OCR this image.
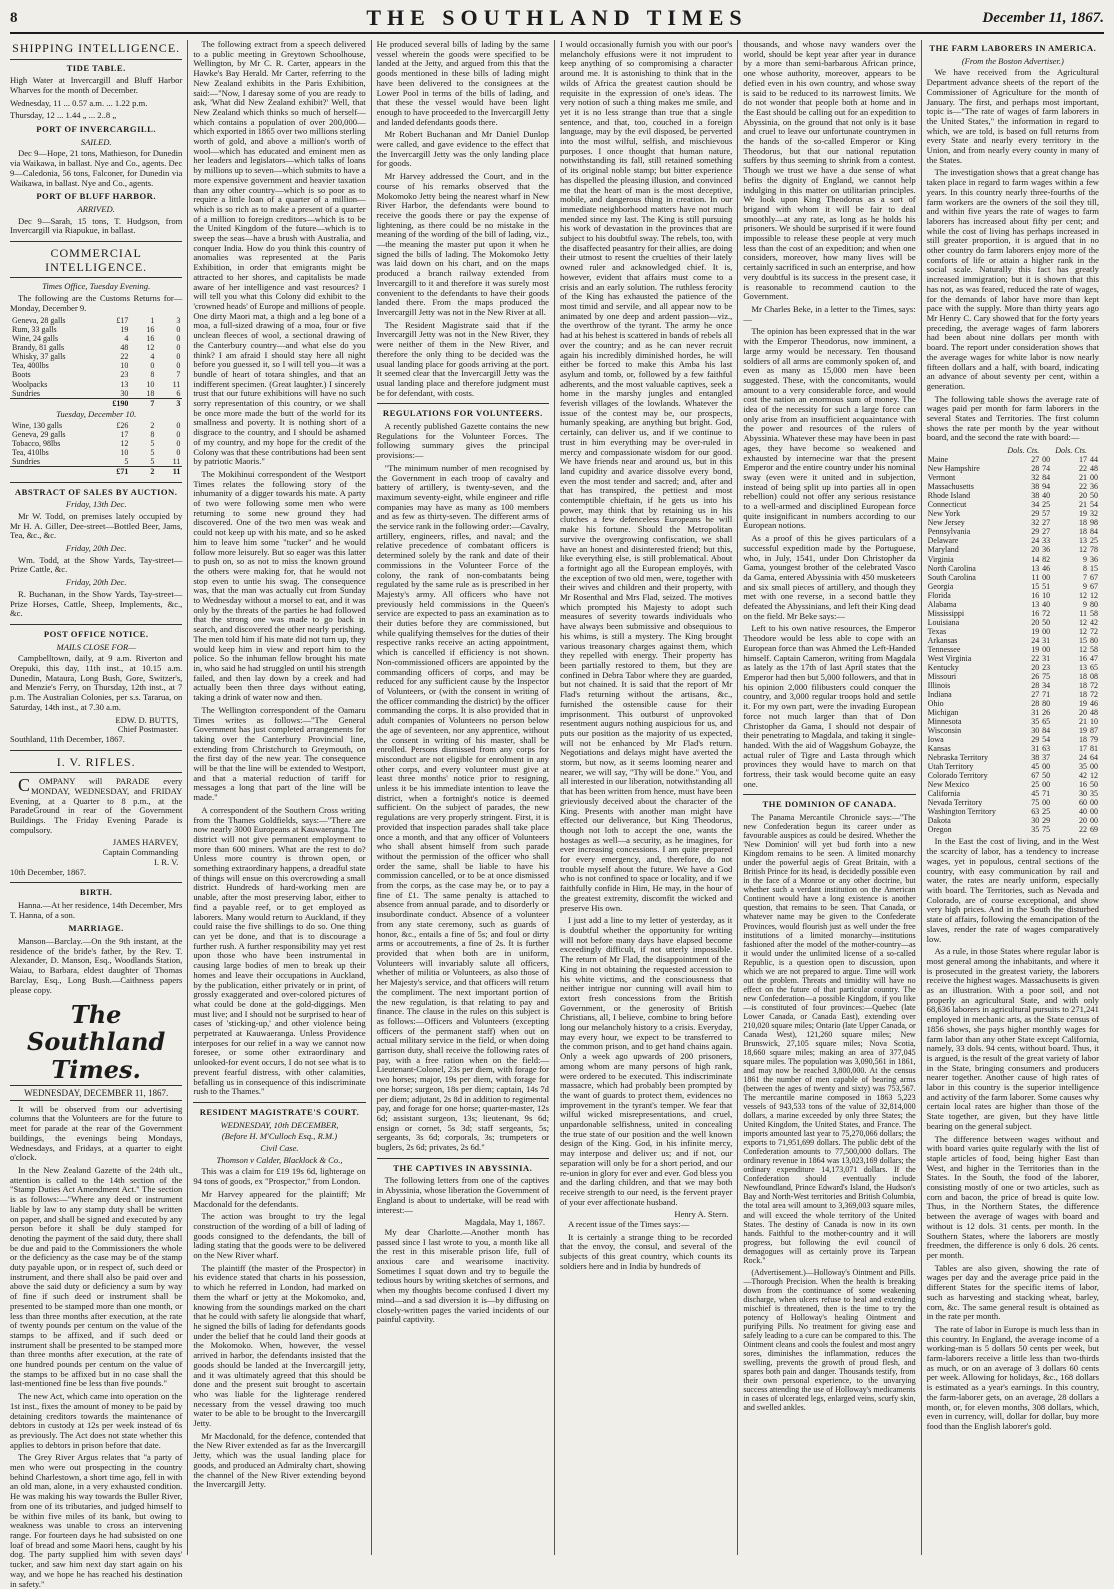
8	THE SOUTHLAND TIMES	December 11, 1867.
SHIPPING INTELLIGENCE.
TIDE TABLE.

High Water at Invercargill and Bluff Harbor Wharves for the month of December.

Wednesday, 11 ... 0.57 a.m. ... 1.22 p.m.

Thursday, 12 ... 1.44 „ ... 2..8 „

PORT OF INVERCARGILL.
SAILED.

Dec 9—Hope, 21 tons, Mathieson, for Dunedin via Waikawa, in ballast. Nye and Co., agents. Dec 9—Caledonia, 56 tons, Falconer, for Dunedin via Waikawa, in ballast. Nye and Co., agents.

PORT OF BLUFF HARBOR.
ARRIVED.

Dec 9—Sarah, 15 tons, T. Hudgson, from Invercargill via Riapukue, in ballast.

COMMERCIAL INTELLIGENCE.
Times Office, Tuesday Evening.

The following are the Customs Returns for—Monday, December 9.

Geneva, 28 galls	£17	1	3
Rum, 33 galls	19	16	0
Wine, 24 galls	4	16	0
Brandy, 81 galls	48	12	0
Whisky, 37 galls	22	4	0
Tea, 400lbs	10	0	0
Boots	23	8	7
Woolpacks	13	10	11
Sundries	30	18	6
	£190	7	3
Tuesday, December 10.
Wine, 130 galls	£26	2	0
Geneva, 29 galls	17	8	0
Tobacco, 98lbs	12	5	0
Tea, 410lbs	10	5	0
Sundries	5	5	11
	£71	2	11
ABSTRACT OF SALES BY AUCTION.
Friday, 13th Dec.

Mr W. Todd, on premises lately occupied by Mr H. A. Giller, Dee-street—Bottled Beer, Jams, Tea, &c., &c.

Friday, 20th Dec.

Wm. Todd, at the Show Yards, Tay-street—Prize Cattle, &c.

Friday, 20th Dec.

R. Buchanan, in the Show Yards, Tay-street—Prize Horses, Cattle, Sheep, Implements, &c., &c.

POST OFFICE NOTICE.
MAILS CLOSE FOR—

Campbelltown, daily, at 9 a.m. Riverton and Orepuki, this day, 11th inst., at 10.15 a.m. Dunedin, Mataura, Long Bush, Gore, Switzer's, and Menzie's Ferry, on Thursday, 12th inst., at 7 p.m. The Australian Colonies, per s.s. Tararua, on Saturday, 14th inst., at 7.30 a.m.

EDW. D. BUTTS,
Chief Postmaster.

Southland, 11th December, 1867.

I. V. RIFLES.

COMPANY will PARADE every MONDAY, WEDNESDAY, and FRIDAY Evening, at a Quarter to 8 p.m., at the ParadeGround in rear of the Government Buildings. The Friday Evening Parade is compulsory.

JAMES HARVEY,
Captain Commanding
I. R. V.

10th December, 1867.

BIRTH.

Hanna.—At her residence, 14th December, Mrs T. Hanna, of a son.

MARRIAGE.

Manson—Barclay.—On the 9th instant, at the residence of the bride's father, by the Rev. T. Alexander, D. Manson, Esq., Woodlands Station, Waiau, to Barbara, eldest daughter of Thomas Barclay, Esq., Long Bush.—Caithness papers please copy.

The Southland Times.
WEDNESDAY, DECEMBER 11, 1867.

It will be observed from our advertising columns that the Volunteers are for the future to meet for parade at the rear of the Government buildings, the evenings being Mondays, Wednesdays, and Fridays, at a quarter to eight o'clock.

In the New Zealand Gazette of the 24th ult., attention is called to the 14th section of the "Stamp Duties Act Amendment Act." The section is as follows:—"Where any deed or instrument liable by law to any stamp duty shall be written on paper, and shall be signed and executed by any person before it shall be duly stamped for denoting the payment of the said duty, there shall be due and paid to the Commissioners the whole or the deficiency as the case may be of the stamp duty payable upon, or in respect of, such deed or instrument, and there shall also be paid over and above the said duty or deficiency a sum by way of fine if such deed or instrument shall be presented to be stamped more than one month, or less than three months after execution, at the rate of twenty pounds per centum on the value of the stamps to be affixed, and if such deed or instrument shall be presented to be stamped more than three months after execution, at the rate of one hundred pounds per centum on the value of the stamps to be affixed but in no case shall the last-mentioned fine be less than five pounds."

The new Act, which came into operation on the 1st inst., fixes the amount of money to be paid by detaining creditors towards the maintenance of debtors in custody at 12s per week instead of 6s as previously. The Act does not state whether this applies to debtors in prison before that date.

The Grey River Argus relates that "a party of men who were out prospecting in the country behind Charlestown, a short time ago, fell in with an old man, alone, in a very exhausted condition. He was making his way towards the Buller River, from one of its tributaries, and judged himself to be within five miles of its bank, but owing to weakness was unable to cross an intervening range. For fourteen days he had subsisted on one loaf of bread and some Maori hens, caught by his dog. The party supplied him with seven days' tucker, and saw him next day start again on his way, and we hope he has reached his destination in safety."

The following extract from a speech delivered to a public meeting in Greytown Schoolhouse, Wellington, by Mr C. R. Carter, appears in the Hawke's Bay Herald. Mr Carter, referring to the New Zealand exhibits in the Paris Exhibition, said:—"Now, I daresay some of you are ready to ask, 'What did New Zealand exhibit?' Well, that New Zealand which thinks so much of herself—which contains a population of over 200,000—which exported in 1865 over two millions sterling worth of gold, and above a million's worth of wool—which has educated and eminent men as her leaders and legislators—which talks of loans by millions up to seven—which submits to have a more expensive government and heavier taxation than any other country—which is so poor as to require a little loan of a quarter of a million—which is so rich as to make a present of a quarter of a million to foreign creditors—which is to be the United Kingdom of the future—which is to sweep the seas—have a brush with Australia, and conquer India. How do you think this country of anomalies was represented at the Paris Exhibition, in order that emigrants might be attracted to her shores, and capitalists be made aware of her intelligence and vast resources? I will tell you what this Colony did exhibit to the 'crowned heads' of Europe and millions of people. One dirty Maori mat, a thigh and a leg bone of a moa, a full-sized drawing of a moa, four or five unclean fleeces of wool, a sectional drawing of the Canterbury country—and what else do you think? I am afraid I should stay here all night before you guessed it, so I will tell you—it was a bundle of heart of totara shingles, and that an indifferent specimen. (Great laughter.) I sincerely trust that our future exhibitions will have no such sorry representation of this country, or we shall be once more made the butt of the world for its smallness and poverty. It is nothing short of a disgrace to the country, and I should be ashamed of my country, and my hope for the credit of the Colony was that these contributions had been sent by patriotic Maoris."

The Mokihinui correspondent of the Westport Times relates the following story of the inhumanity of a digger towards his mate. A party of two were following some men who were returning to some new ground they had discovered. One of the two men was weak and could not keep up with his mate, and so he asked him to leave him some "tucker" and he would follow more leisurely. But so eager was this latter to push on, so as not to miss the known ground the others were making for, that he would not stop even to untie his swag. The consequence was, that the man was actually cut from Sunday to Wednesday without a morsel to eat, and it was only by the threats of the parties he had followed that the strong one was made to go back in search, and discovered the other nearly perishing. The men told him if his mate did not turn up, they would keep him in view and report him to the police. So the inhuman fellow brought his mate in, who said he had struggled on until his strength failed, and then lay down by a creek and had actually been then three days without eating, taking a drink of water now and then.

The Wellington correspondent of the Oamaru Times writes as follows:—"The General Government has just completed arrangements for taking over the Canterbury Provincial line, extending from Christchurch to Greymouth, on the first day of the new year. The consequence will be that the line will be extended to Westport, and that a material reduction of tariff for messages a long that part of the line will be made."

A correspondent of the Southern Cross writing from the Thames Goldfields, says:—"There are now nearly 3000 Europeans at Kauwaeranga. The district will not give permanent employment to more than 600 miners. What are the rest to do? Unless more country is thrown open, or something extraordinary happens, a dreadful state of things will ensue on this overcrowding a small district. Hundreds of hard-working men are unable, after the most preserving labor, either to find a payable reef, or to get employed as laborers. Many would return to Auckland, if they could raise the five shillings to do so. One thing can yet be done, and that is to discourage a further rush. A further responsibility may yet rest upon those who have been instrumental in causing large bodies of men to break up their homes and leave their occupations in Auckland, by the publication, either privately or in print, of grossly exaggerated and over-colored pictures of what could be done at the gold-diggings. Men must live; and I should not be surprised to hear of cases of 'sticking-up,' and other violence being perpetrated at Kauwaeranga. Unless Providence interposes for our relief in a way we cannot now foresee, or some other extraordinary and unlooked-for event occurs, I do not see what is to prevent fearful distress, with other calamities, befalling us in consequence of this indiscriminate rush to the Thames."

RESIDENT MAGISTRATE'S COURT.
WEDNESDAY, 10th DECEMBER,
(Before H. M'Culloch Esq., R.M.)
Civil Case.
Thomson v Calder, Blacklock & Co.,

This was a claim for £19 19s 6d, lighterage on 94 tons of goods, ex "Prospector," from London.

Mr Harvey appeared for the plaintiff; Mr Macdonald for the defendants.

The action was brought to try the legal construction of the wording of a bill of lading of goods consigned to the defendants, the bill of lading stating that the goods were to be delivered on the New River wharf.

The plaintiff (the master of the Prospector) in his evidence stated that charts in his possession, to which he referred in London, had marked on them the wharf or jetty at the Mokomoko, and, knowing from the soundings marked on the chart that he could with safety lie alongside that wharf, he signed the bills of lading for defendants goods under the belief that he could land their goods at the Mokomoko. When, however, the vessel arrived in harbor, the defendants insisted that the goods should be landed at the Invercargill jetty, and it was ultimately agreed that this should be done and the present suit brought to ascertain who was liable for the lighterage rendered necessary from the vessel drawing too much water to be able to be brought to the Invercargill Jetty.

Mr Macdonald, for the defence, contended that the New River extended as far as the Invercargill Jetty, which was the usual landing place for goods, and produced an Admiralty chart, showing the channel of the New River extending beyond the Invercargill Jetty.

He produced several bills of lading by the same vessel wherein the goods were specified to be landed at the Jetty, and argued from this that the goods mentioned in these bills of lading might have been delivered to the consignees at the Lower Pool in terms of the bills of lading, and that these the vessel would have been light enough to have proceeded to the Invercargill Jetty and landed defendants goods there.

Mr Robert Buchanan and Mr Daniel Dunlop were called, and gave evidence to the effect that the Invercargill Jetty was the only landing place for goods.

Mr Harvey addressed the Court, and in the course of his remarks observed that the Mokomoko Jetty being the nearest wharf in New River Harbor, the defendants were bound to receive the goods there or pay the expense of lightening, as there could be no mistake in the meaning of the wording of the bill of lading, viz.,—the meaning the master put upon it when he signed the bills of lading. The Mokomoko Jetty was laid down on his chart, and on the maps produced a branch railway extended from Invercargill to it and therefore it was surely most convenient to the defendants to have their goods landed there. From the maps produced the Invercargill Jetty was not in the New River at all.

The Resident Magistrate said that if the Invercargill Jetty was not in the New River, they were neither of them in the New River, and therefore the only thing to be decided was the usual landing place for goods arriving at the port. It seemed clear that the Invercargill Jetty was the usual landing place and therefore judgment must be for defendant, with costs.

REGULATIONS FOR VOLUNTEERS.

A recently published Gazette contains the new Regulations for the Volunteer Forces. The following summary gives the principal provisions:—

"The minimum number of men recognised by the Government in each troop of cavalry and battery of artillery, is twenty-seven, and the maximum seventy-eight, while engineer and rifle companies may have as many as 100 members and as few as thirty-seven. The different arms of the service rank in the following order:—Cavalry, artillery, engineers, rifles, and naval; and the relative precedence of combatant officers is determined solely by the rank and date of their commissions in the Volunteer Force of the colony, the rank of non-combatants being regulated by the same rule as is prescribed in her Majesty's army. All officers who have not previously held commissions in the Queen's service are expected to pass an examination as to their duties before they are commissioned, but while qualifying themselves for the duties of their respective ranks receive an acting appointment, which is cancelled if efficiency is not shown. Non-commissioned officers are appointed by the commanding officers of corps, and may be reduced for any sufficient cause by the Inspector of Volunteers, or (with the consent in writing of the officer commanding the district) by the officer commanding the corps. It is also provided that in adult companies of Volunteers no person below the age of seventeen, nor any apprentice, without the consent in writing of his master, shall be enrolled. Persons dismissed from any corps for misconduct are not eligible for enrolment in any other corps, and every volunteer must give at least three months' notice prior to resigning, unless it be his immediate intention to leave the district, when a fortnight's notice is deemed sufficient. On the subject of parades, the new regulations are very properly stringent. First, it is provided that inspection parades shall take place once a month, and that any officer of Volunteers who shall absent himself from such parade without the permission of the officer who shall order the same, shall be liable to have his commission cancelled, or to be at once dismissed from the corps, as the case may be, or to pay a fine of £1. The same penalty is attached to absence from annual parade, and to disorderly or insubordinate conduct. Absence of a volunteer from any state ceremony, such as guards of honor, &c., entails a fine of 5s; and foul or dirty arms or accoutrements, a fine of 2s. It is further provided that when both are in uniform, Volunteers will invariably salute all officers, whether of militia or Volunteers, as also those of her Majesty's service, and that officers will return the compliment. The next important portion of the new regulation, is that relating to pay and finance. The clause in the rules on this subject is as follows:—Officers and Volunteers (excepting officers of the permanent staff) when out on actual military service in the field, or when doing garrison duty, shall receive the following rates of pay, with a free ration when on the field:—Lieutenant-Colonel, 23s per diem, with forage for two horses; major, 19s per diem, with forage for one horse; surgeon, 18s per diem; captain, 14s 7d per diem; adjutant, 2s 8d in addition to regimental pay, and forage for one horse; quarter-master, 12s 6d; assistant surgeon, 13s; lieutenant, 9s 6d; ensign or cornet, 5s 3d; staff sergeants, 5s; sergeants, 3s 6d; corporals, 3s; trumpeters or buglers, 2s 6d; privates, 2s 6d."

THE CAPTIVES IN ABYSSINIA.

The following letters from one of the captives in Abyssinia, whose liberation the Government of England is about to undertake, will be read with interest:—

Magdala, May 1, 1867.

My dear Charlotte.—Another month has passed since I last wrote to you, a month like all the rest in this miserable prison life, full of anxious care and wearisome inactivity. Sometimes I squat down and try to beguile the tedious hours by writing sketches of sermons, and when my thoughts become confused I divert my mind—and a sad diversion it is—by diffusing on closely-written pages the varied incidents of our painful captivity.

I would occasionally furnish you with our poor's melancholy effusions were it not imprudent to keep anything of so compromising a character around me. It is astonishing to think that in the wilds of Africa the greatest caution should be requisite in the expression of one's ideas. The very notion of such a thing makes me smile, and yet it is no less strange than true that a single sentence, and that, too, couched in a foreign language, may by the evil disposed, be perverted into the most wilful, selfish, and mischievous purposes. I once thought that human nature, notwithstanding its fall, still retained something of its original noble stamp; but bitter experience has dispelled the pleasing illusion, and convinced me that the heart of man is the most deceptive, mobile, and dangerous thing in creation. In our immediate neighborhood matters have not much mended since my last. The King is still pursuing his work of devastation in the provinces that are subject to his doubtful sway. The rebels, too, with the disaffected peasantry for their allies, are doing their utmost to resent the cruelties of their lately owned ruler and acknowledged chief. It is, however, evident that affairs must come to a crisis and an early solution. The ruthless ferocity of the King has exhausted the patience of the most timid and servile, and all appear now to be animated by one deep and ardent passion—viz., the overthrow of the tyrant. The army he once had at his behest is scattered in bands of rebels all over the country; and as he can never recruit again his incredibly diminished hordes, he will either be forced to make this Amba his last asylum and tomb, or, followed by a few faithful adherents, and the most valuable captives, seek a home in the marshy jungles and entangled feverish villages of the lowlands. Whatever the issue of the contest may be, our prospects, humanly speaking, are anything but bright. God, certainly, can deliver us, and if we continue to trust in him everything may be over-ruled in mercy and compassionate wisdom for our good. We have friends near and around us, but in this land cupidity and avarice dissolve every bond, even the most tender and sacred; and, after and that has transpired, the pettiest and most contemptible chieftain, if he gets us into his power, may think that by retaining us in his clutches a few defenceless Europeans he will make his fortune. Should the Metropolitan survive the overgrowing confiscation, we shall have an honest and disinterested friend; but this, like everything else, is still problematical. About a fortnight ago all the European employés, with the exception of two old men, were, together with their wives and children and their property, with Mr Rosenthal and Mrs Flad, seized. The motives which prompted his Majesty to adopt such measures of severity towards individuals who have always been submissive and obsequious to his whims, is still a mystery. The King brought various treasonary charges against them, which they repelled with energy. Their property has been partially restored to them, but they are confined in Debra Tabor where they are guarded, but not chained. It is said that the report of Mr Flad's returning without the artisans, &c., furnished the ostensible cause for their imprisonment. This outburst of unprovoked resentment augurs nothing auspicious for us, and puts our position as the majority of us expected, will not be enhanced by Mr Flad's return. Negotiations and delays might have averted the storm, but now, as it seems looming nearer and nearer, we will say, "Thy will be done." You, and all interested in our liberation, notwithstanding all that has been written from hence, must have been grieviously deceived about the character of the King. Presents with another man might have effected our deliverance, but King Theodorus, though not loth to accept the one, wants the hostages as well—a security, as he imagines, for ever increasing concessions. I am quite prepared for every emergency, and, therefore, do not trouble myself about the future. We have a God who is not confined to space or locality, and if we faithfully confide in Him, He may, in the hour of the greatest extremity, discomfit the wicked and preserve His own.

I just add a line to my letter of yesterday, as it is doubtful whether the opportunity for writing will not before many days have elapsed become exceedingly difficult, if not utterly impossible. The return of Mr Flad, the disappointment of the King in not obtaining the requested accession to his white victims, and the consciousness that neither intrigue nor cunning will avail him to extort fresh concessions from the British Government, or the generosity of British Christians, all, I believe, combine to bring before long our melancholy history to a crisis. Everyday, may every hour, we expect to be transferred to the common prison, and to get hand chains again. Only a week ago upwards of 200 prisoners, among whom are many persons of high rank, were ordered to be executed. This indiscriminate massacre, which had probably been prompted by the want of guards to protect them, evidences no improvement in the tyrant's temper. We fear that wilful wicked misrepresentations, and cruel, unpardonable selfishness, united in concealing the true state of our position and the well known design of the King. God, in his infinite mercy, may interpose and deliver us; and if not, our separation will only be for a short period, and our re-union in glory for ever and ever. God bless you and the darling children, and that we may both receive strength to our need, is the fervent prayer of your ever affectionate husband.

Henry A. Stern.

A recent issue of the Times says:—

It is certainly a strange thing to be recorded that the envoy, the consul, and several of the subjects of this great country, which counts its soldiers here and in India by hundreds of

thousands, and whose navy wanders over the world, should be kept year after year in durance by a more than semi-barbarous African prince, one whose authority, moreover, appears to be defied even in his own country, and whose sway is said to be reduced to its narrowest limits. We do not wonder that people both at home and in the East should be calling out for an expedition to Abyssinia, on the ground that not only is it base and cruel to leave our unfortunate countrymen in the hands of the so-called Emperor or King Theodorus, but that our national reputation suffers by thus seeming to shrink from a contest. Though we trust we have a due sense of what befits the dignity of England, we cannot help indulging in this matter on utilitarian principles. We look upon King Theodorus as a sort of brigand with whom it will be fair to deal smoothly—at any rate, as long as he holds his prisoners. We should be surprised if it were found impossible to release these people at very much less than the cost of an expedition; and when one considers, moreover, how many lives will be certainly sacrificed in such an enterprise, and how very doubtful is its success in the present case, it is reasonable to recommend caution to the Government.

Mr Charles Beke, in a letter to the Times, says:—

The opinion has been expressed that in the war with the Emperor Theodorus, now imminent, a large army would be necessary. Ten thousand soldiers of all arms are commonly spoken of, and even as many as 15,000 men have been suggested. These, with the concomitants, would amount to a very considerable force, and would cost the nation an enormous sum of money. The idea of the necessity for such a large force can only arise from an insufficient acquaintance with the power and resources of the rulers of Abyssinia. Whatever these may have been in past ages, they have become so weakened and exhausted by internecine war that the present Emperor and the entire country under his nominal sway (even were it united and in subjection, instead of being split up into parties all in open rebellion) could not offer any serious resistance to a well-armed and disciplined European force quite insignificant in numbers according to our European notions.

As a proof of this he gives particulars of a successful expedition made by the Portuguese, who, in July, 1541, under Don Christopher da Gama, youngest brother of the celebrated Vasco da Gama, entered Abyssinia with 450 musketeers and six small pieces of artillery, and though they met with one reverse, in a second battle they defeated the Abyssinians, and left their King dead on the field. Mr Beke says:—

Left to his own native resources, the Emperor Theodore would be less able to cope with an European force than was Ahmed the Left-Handed himself. Captain Cameron, writing from Magdala as lately as the 17th of last April states that the Emperor had then but 5,000 followers, and that in his opinion 2,000 filibusters could conquer the country, and 3,000 regular troops hold and settle it. For my own part, were the invading European force not much larger than that of Don Christopher da Gama, I should not despair of their penetrating to Magdala, and taking it single-handed. With the aid of Waggshum Gobayze, the actual ruler of Tigre and Lasta through which provinces they would have to march on that fortress, their task would become quite an easy one.

THE DOMINION OF CANADA.

The Panama Mercantile Chronicle says:—"The new Confederation begun its career under as favourable auspices as could be desired. Whether the 'New Dominion' will yet bud forth into a new Kingdom remains to be seen. A limited monarchy under the powerful aegis of Great Britain, with a British Prince for its head, is decidedly possible even in the face of a Monroe or any other doctrine, but whether such a verdant institution on the American Continent would have a long existence is another question, that remains to be seen. That Canada, or whatever name may be given to the Confederate Provinces, would flourish just as well under the free institutions of a limited monarchy—institutions fashioned after the model of the mother-country—as it would under the unlimited license of a so-called Republic, is a question open to discussion, upon which we are not prepared to argue. Time will work out the problem. Threats and timidity will have no effect on the future of that particular country. The new Confederation—a possible Kingdom, if you like—is constituted of four provinces:—Quebec (late Lower Canada, or Canada East), extending over 210,020 square miles; Ontario (late Upper Canada, or Canada West), 121,260 square miles; New Brunswick, 27,105 square miles; Nova Scotia, 18,660 square miles; making an area of 377,045 square miles. The population was 3,090,561 in 1861, and may now be reached 3,800,000. At the census 1861 the number of men capable of bearing arms (between the ages of twenty and sixty) was 753,567. The mercantile marine composed in 1863 5,223 vessels of 943,533 tons of the value of 32,814,000 dollars, a marine exceeded by only three States; the United Kingdom, the United States, and France. The imports amounted last year to 75,270,066 dollars; the exports to 71,951,699 dollars. The public debt of the Confederation amounts to 77,500,000 dollars. The ordinary revenue in 1864 was 13,023,169 dollars; the ordinary expenditure 14,173,071 dollars. If the Confederation should eventually include Newfoundland, Prince Edward's Island, the Hudson's Bay and North-West territories and British Columbia, the total area will amount to 3,369,003 square miles, and will exceed the whole territory of the United States. The destiny of Canada is now in its own hands. Faithful to the mother-country and it will progress, but following the evil council of demagogues will as certainly prove its Tarpean Rock."

(Advertisement.)—Holloway's Ointment and Pills.—Thorough Precision. When the health is breaking down from the continuance of some weakening discharge, when ulcers refuse to heal and extending mischief is threatened, then is the time to try the potency of Holloway's healing Ointment and purifying Pills. No treatment for giving ease and safely leading to a cure can be compared to this. The Ointment cleans and cools the foulest and most angry sores, diminishes the inflammation, reduces the swelling, prevents the growth of proud flesh, and spares both pain and danger. Thousands testify, from their own personal experience, to the unvarying success attending the use of Holloway's medicaments in cases of ulcerated legs, enlarged veins, scurfy skin, and swelled ankles.

THE FARM LABORERS IN AMERICA.
(From the Boston Advertiser.)

We have received from the Agricultural Department advance sheets of the report of the Commissioner of Agriculture for the month of January. The first, and perhaps most important, topic is—"The rate of wages of farm laborers in the United States," the information in regard to which, we are told, is based on full returns from every State and nearly every territory in the Union, and from nearly every county in many of the States.

The investigation shows that a great change has taken place in regard to farm wages within a few years. In this country nearly three-fourths of the farm workers are the owners of the soil they till, and within five years the rate of wages to farm laborers has increased about fifty per cent; and while the cost of living has perhaps increased in still greater proportion, it is argued that in no other country do farm laborers enjoy more of the comforts of life or attain a higher rank in the social scale. Naturally this fact has greatly increased immigration; but it is shown that this has not, as was feared, reduced the rate of wages, for the demands of labor have more than kept pace with the supply. More than thirty years ago Mr Henry C. Cary showed that for the forty years preceding, the average wages of farm laborers had been about nine dollars per month with board. The report under consideration shows that the average wages for white labor is now nearly fifteen dollars and a half, with board, indicating an advance of about seventy per cent, within a generation.

The following table shows the average rate of wages paid per month for farm laborers in the several States and Territories. The first column shows the rate per month by the year without board, and the second the rate with board:—

	Dols. Cts.		Dols. Cts.	
Maine	27	00	17	44
New Hampshire	28	74	22	48
Vermont	32	84	21	00
Massachusetts	38	94	22	36
Rhode Island	38	40	20	50
Connecticut	34	25	21	54
New York	29	57	19	32
New Jersey	32	27	18	98
Pennsylvania	29	27	18	84
Delaware	24	33	13	25
Maryland	20	36	12	78
Virginia	14	82	9	36
North Carolina	13	46	8	15
South Carolina	11	00	7	67
Georgia	15	51	9	67
Florida	16	10	12	12
Alabama	13	40	9	80
Mississippi	16	72	11	58
Louisiana	20	50	12	42
Texas	19	00	12	72
Arkansas	24	31	15	80
Tennessee	19	00	12	58
West Virginia	22	31	16	47
Kentucky	20	23	13	65
Missouri	26	75	18	08
Illinois	28	34	18	72
Indiana	27	71	18	72
Ohio	28	80	19	46
Michigan	31	26	20	48
Minnesota	35	65	21	10
Wisconsin	30	84	19	87
Iowa	29	54	18	79
Kansas	31	63	17	81
Nebraska Territory	38	37	24	64
Utah Territory	45	00	35	00
Colorado Territory	67	50	42	12
New Mexico	25	00	16	50
California	45	71	30	35
Nevada Territory	75	00	60	00
Washington Territory	63	25	40	00
Dakota	30	29	20	00
Oregon	35	75	22	69

In the East the cost of living, and in the West the scarcity of labor, has a tendency to increase wages, yet in populous, central sections of the country, with easy communication by rail and water, the rates are nearly uniform, especially with board. The Territories, such as Nevada and Colorado, are of course exceptional, and show very high prices. And in the South the disturbed state of affairs, following the emancipation of the slaves, render the rate of wages comparatively low.

As a rule, in those States where regular labor is most general among the inhabitants, and where it is prosecuted in the greatest variety, the laborers receive the highest wages. Massachusetts is given as an illustration. With a poor soil, and not properly an agricultural State, and with only 68,636 laborers in agricultural pursuits to 271,241 employed in mechanic arts, as the State census of 1856 shows, she pays higher monthly wages for farm labor than any other State except California, namely, 33 dols. 94 cents, without board. Thus, it is argued, is the result of the great variety of labor in the State, bringing consumers and producers nearer together. Another cause of high rates of labor in this country is the superior intelligence and activity of the farm laborer. Some causes why certain local rates are higher than those of the State together, are given, but they have little bearing on the general subject.

The difference between wages without and with board varies quite regularly with the list of staple articles of food, being higher East than West, and higher in the Territories than in the States. In the South, the food of the laborer, consisting mostly of one or two articles, such as corn and bacon, the price of bread is quite low. Thus, in the Northern States, the difference between the average of wages with board and without is 12 dols. 31 cents. per month. In the Southern States, where the laborers are mostly freedmen, the difference is only 6 dols. 26 cents. per month.

Tables are also given, showing the rate of wages per day and the average price paid in the different States for the specific items of labor, such as harvesting and stacking wheat, barley, corn, &c. The same general result is obtained as in the rate per month.

The rate of labor in Europe is much less than in this country. In England, the average income of a working-man is 5 dollars 50 cents per week, but farm-laborers receive a little less than two-thirds as much, or on an average of 3 dollars 60 cents per week. Allowing for holidays, &c., 168 dollars is estimated as a year's earnings. In this country, the farm-laborer gets, on an average, 28 dollars a month, or, for eleven months, 308 dollars, which, even in currency, will, dollar for dollar, buy more food than the English laborer's gold.
